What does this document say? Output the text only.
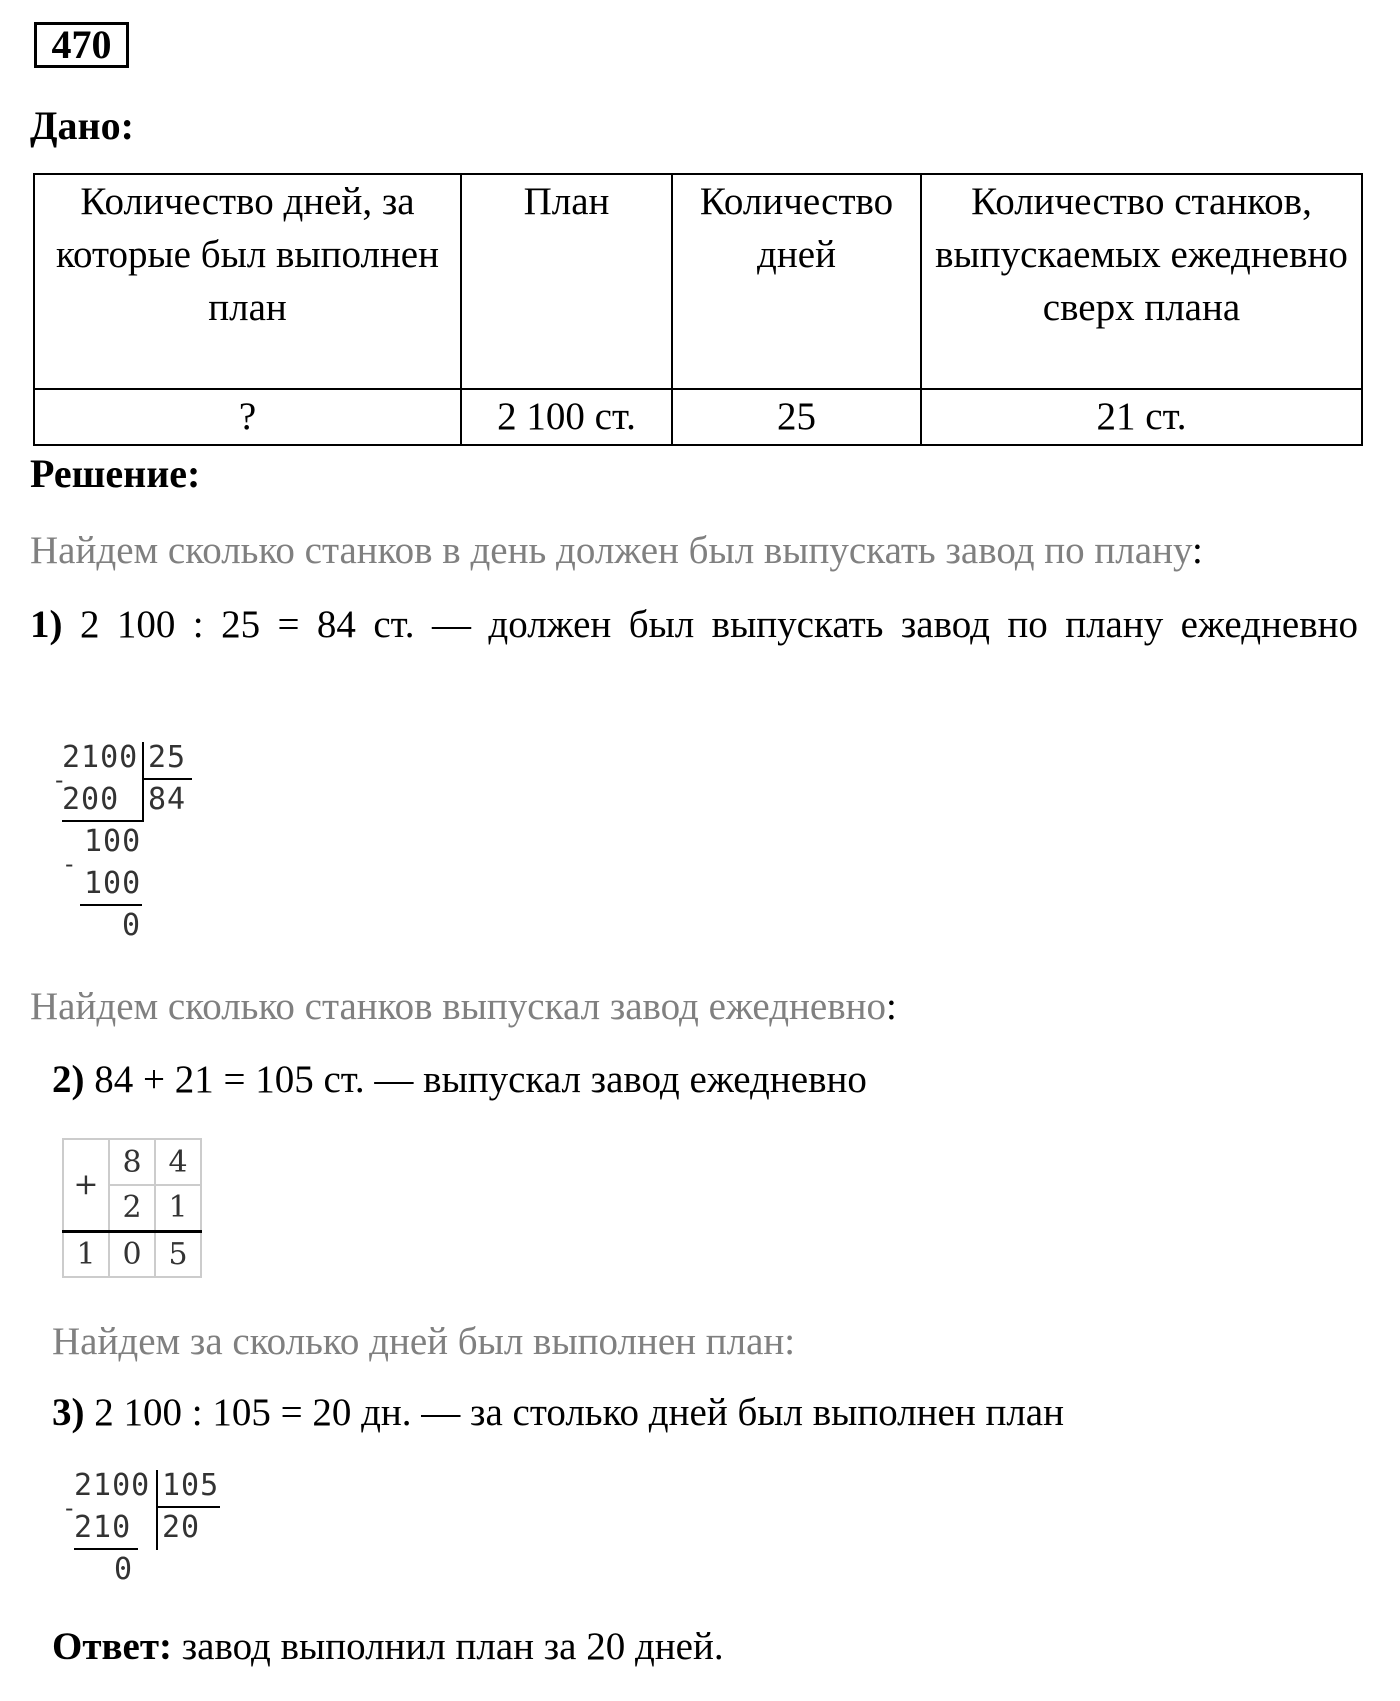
470
Дано:
Количество дней, за которые был выполнен план	План	Количество дней	Количество станков, выпускаемых ежедневно сверх плана
?	2 100 ст.	25	21 ст.
Решение:
Найдем сколько станков в день должен был выпускать завод по плану:
1) 2 100 : 25 = 84 ст. — должен был выпускать завод по плану ежедневно
2100 25
-
200 84
100
-
100
0
Найдем сколько станков выпускал завод ежедневно:
2) 84 + 21 = 105 ст. — выпускал завод ежедневно
+	8	4
	2	1
1	0	5
Найдем за сколько дней был выполнен план:
3) 2 100 : 105 = 20 дн. — за столько дней был выполнен план
2100 105
-
210 20
0
Ответ: завод выполнил план за 20 дней.
